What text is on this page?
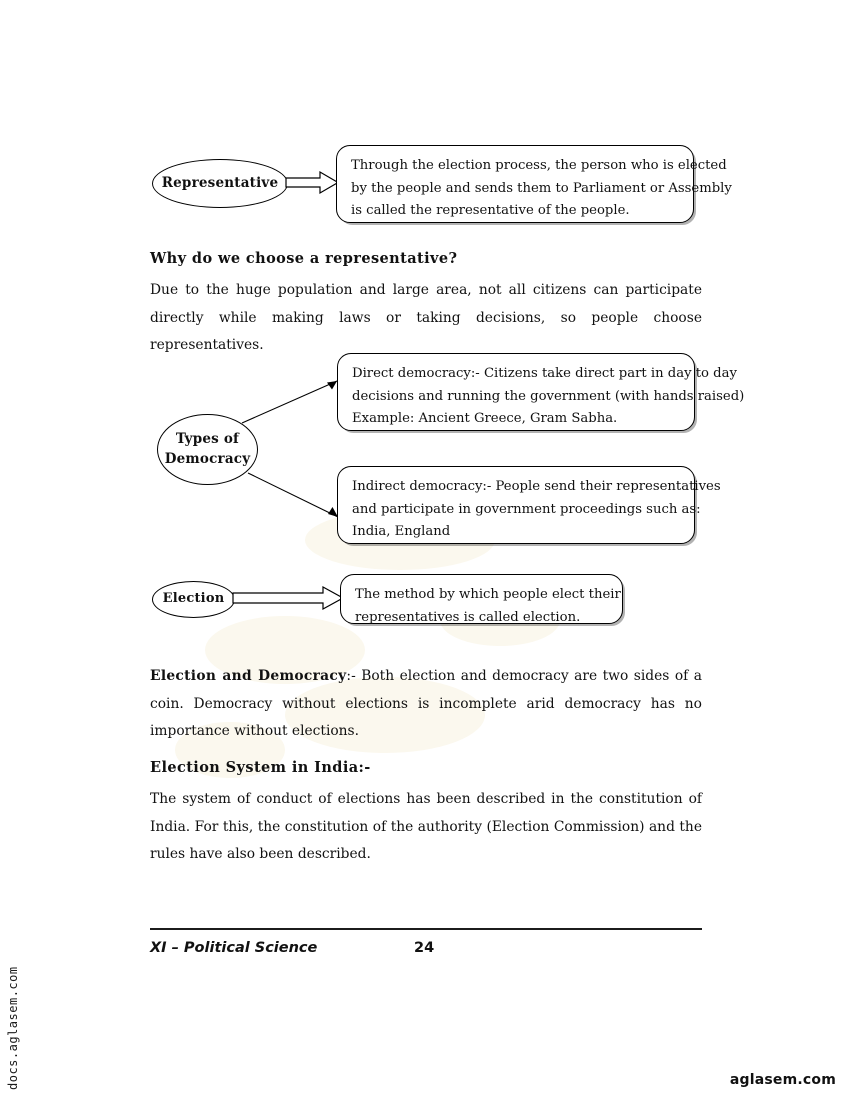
Representative
Through the election process, the person who is elected
by the people and sends them to Parliament or Assembly
is called the representative of the people.
Why do we choose a representative?
Due to the huge population and large area, not all citizens can participate directly while making laws or taking decisions, so people choose representatives.
Types of
Democracy
Direct democracy:- Citizens take direct part in day to day
decisions and running the government (with hands raised)
Example: Ancient Greece, Gram Sabha.
Indirect democracy:- People send their representatives
and participate in government proceedings such as:
India, England
Election	The method by which people elect their
representatives is called election.
Election and Democracy:- Both election and democracy are two sides of a coin. Democracy without elections is incomplete arid democracy has no importance without elections.
Election System in India:-
The system of conduct of elections has been described in the constitution of India. For this, the constitution of the authority (Election Commission) and the rules have also been described.
XI – Political Science	24
docs.aglasem.com	aglasem.com
